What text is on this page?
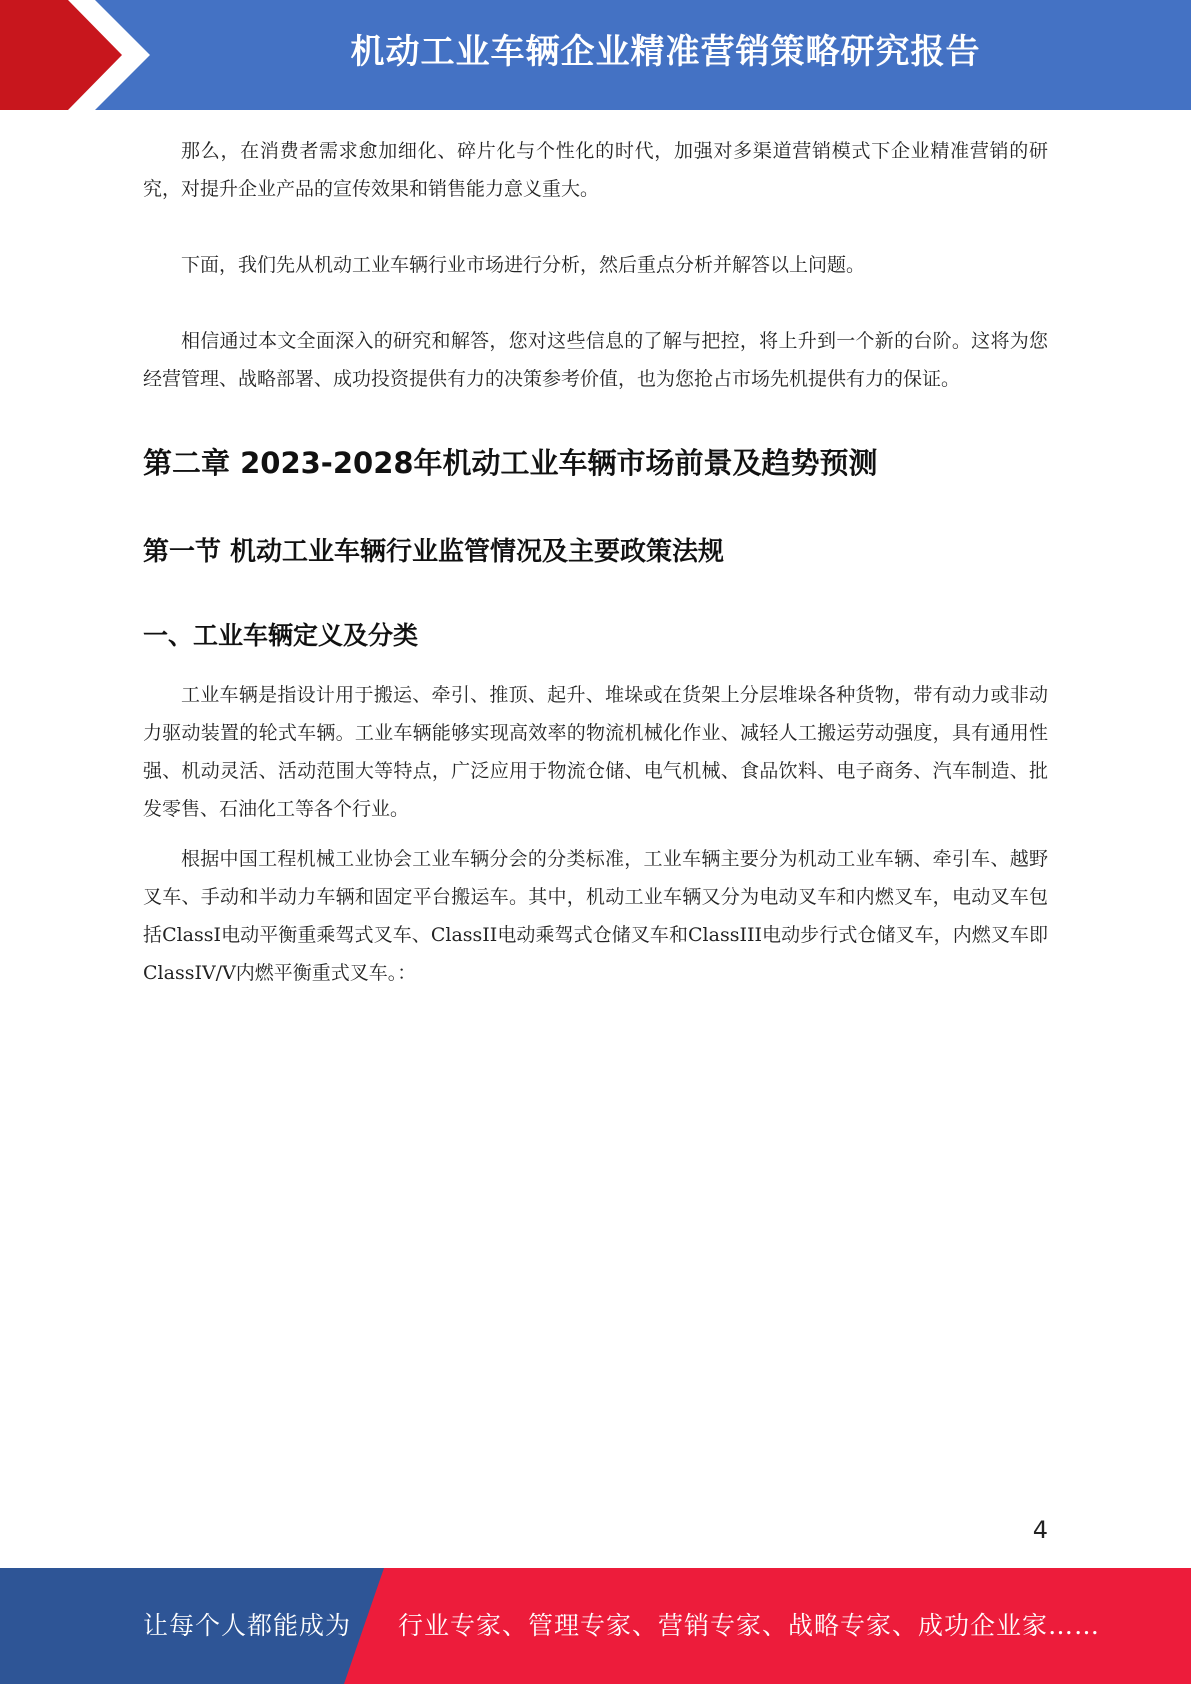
机动工业车辆企业精准营销策略研究报告

那么，在消费者需求愈加细化、碎片化与个性化的时代，加强对多渠道营销模式下企业精准营销的研究，对提升企业产品的宣传效果和销售能力意义重大。

下面，我们先从机动工业车辆行业市场进行分析，然后重点分析并解答以上问题。

相信通过本文全面深入的研究和解答，您对这些信息的了解与把控，将上升到一个新的台阶。这将为您经营管理、战略部署、成功投资提供有力的决策参考价值，也为您抢占市场先机提供有力的保证。

第二章 2023-2028年机动工业车辆市场前景及趋势预测
第一节 机动工业车辆行业监管情况及主要政策法规
一、工业车辆定义及分类

工业车辆是指设计用于搬运、牵引、推顶、起升、堆垛或在货架上分层堆垛各种货物，带有动力或非动力驱动装置的轮式车辆。工业车辆能够实现高效率的物流机械化作业、减轻人工搬运劳动强度，具有通用性强、机动灵活、活动范围大等特点，广泛应用于物流仓储、电气机械、食品饮料、电子商务、汽车制造、批发零售、石油化工等各个行业。

根据中国工程机械工业协会工业车辆分会的分类标准，工业车辆主要分为机动工业车辆、牵引车、越野叉车、手动和半动力车辆和固定平台搬运车。其中，机动工业车辆又分为电动叉车和内燃叉车，电动叉车包括ClassI电动平衡重乘驾式叉车、ClassII电动乘驾式仓储叉车和ClassIII电动步行式仓储叉车，内燃叉车即ClassIV/V内燃平衡重式叉车。：

4
让每个人都能成为 行业专家、管理专家、营销专家、战略专家、成功企业家……
